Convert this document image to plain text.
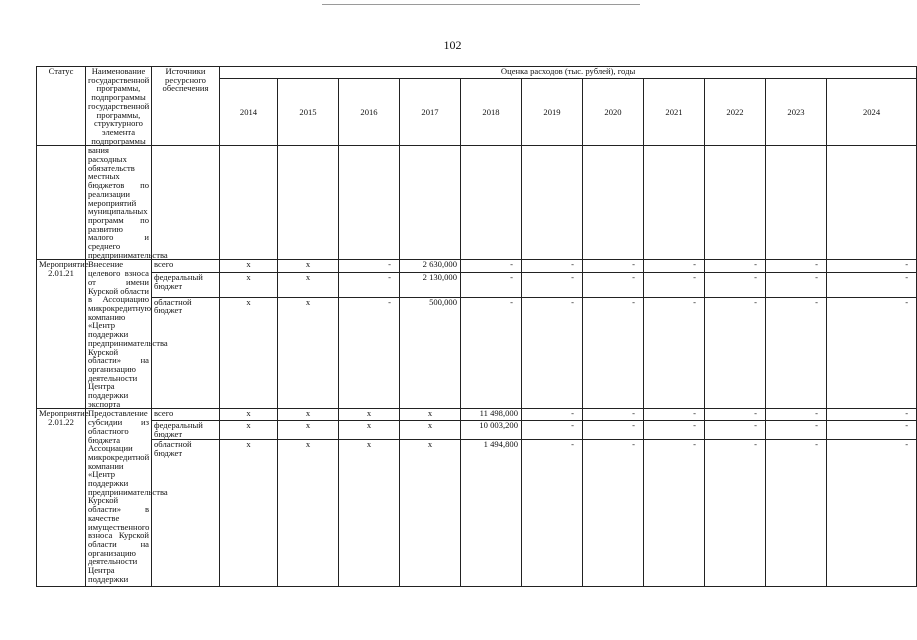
102
Статус	Наименование государственной программы, подпрограммы государственной программы, структурного элемента подпрограммы	Источники ресурсного обеспечения	Оценка расходов (тыс. рублей), годы										
			2014	2015	2016	2017	2018	2019	2020	2021	2022	2023	2024
	вания расходных обязательств местных бюджетов по реализации мероприятий муниципальных программ по развитию малого и среднего предпринимательства												
Мероприятие 2.01.21	Внесение целевого взноса от имени Курской области в Ассоциацию микрокредитную компанию «Центр поддержки предпринимательства Курской области» на организацию деятельности Центра поддержки экспорта	всего	x	x	-	2 630,000	-	-	-	-	-	-	-
		федеральный бюджет	x	x	-	2 130,000	-	-	-	-	-	-	-
		областной бюджет	x	x	-	500,000	-	-	-	-	-	-	-
Мероприятие 2.01.22	Предоставление субсидии из областного бюджета Ассоциации микрокредитной компании «Центр поддержки предпринимательства Курской области» в качестве имущественного взноса Курской области на организацию деятельности Центра поддержки	всего	x	x	x	x	11 498,000	-	-	-	-	-	-
		федеральный бюджет	x	x	x	x	10 003,200	-	-	-	-	-	-
		областной бюджет	x	x	x	x	1 494,800	-	-	-	-	-	-
